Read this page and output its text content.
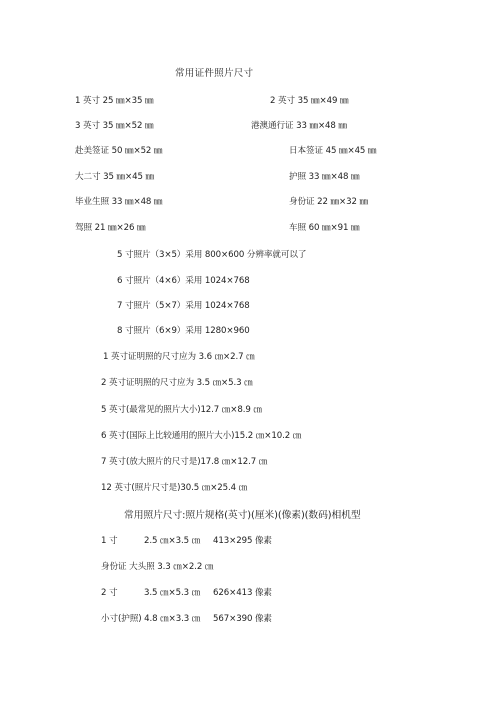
常用证件照片尺寸
1 英寸 25 ㎜×35 ㎜	2 英寸 35 ㎜×49 ㎜
3 英寸 35 ㎜×52 ㎜	港澳通行证 33 ㎜×48 ㎜
赴美签证 50 ㎜×52 ㎜	日本签证 45 ㎜×45 ㎜
大二寸 35 ㎜×45 ㎜	护照 33 ㎜×48 ㎜
毕业生照 33 ㎜×48 ㎜	身份证 22 ㎜×32 ㎜
驾照 21 ㎜×26 ㎜	车照 60 ㎜×91 ㎜
5 寸照片（3×5）采用 800×600 分辨率就可以了
6 寸照片（4×6）采用 1024×768
7 寸照片（5×7）采用 1024×768
8 寸照片（6×9）采用 1280×960
1 英寸证明照的尺寸应为 3.6 ㎝×2.7 ㎝
2 英寸证明照的尺寸应为 3.5 ㎝×5.3 ㎝
5 英寸(最常见的照片大小)12.7 ㎝×8.9 ㎝
6 英寸(国际上比较通用的照片大小)15.2 ㎝×10.2 ㎝
7 英寸(放大照片的尺寸是)17.8 ㎝×12.7 ㎝
12 英寸(照片尺寸是)30.5 ㎝×25.4 ㎝
常用照片尺寸:照片规格(英寸)(厘米)(像素)(数码)相机型
1 寸	2.5 ㎝×3.5 ㎝ 413×295 像素
身份证 大头照 3.3 ㎝×2.2 ㎝
2 寸	3.5 ㎝×5.3 ㎝ 626×413 像素
小寸(护照) 4.8 ㎝×3.3 ㎝ 567×390 像素
